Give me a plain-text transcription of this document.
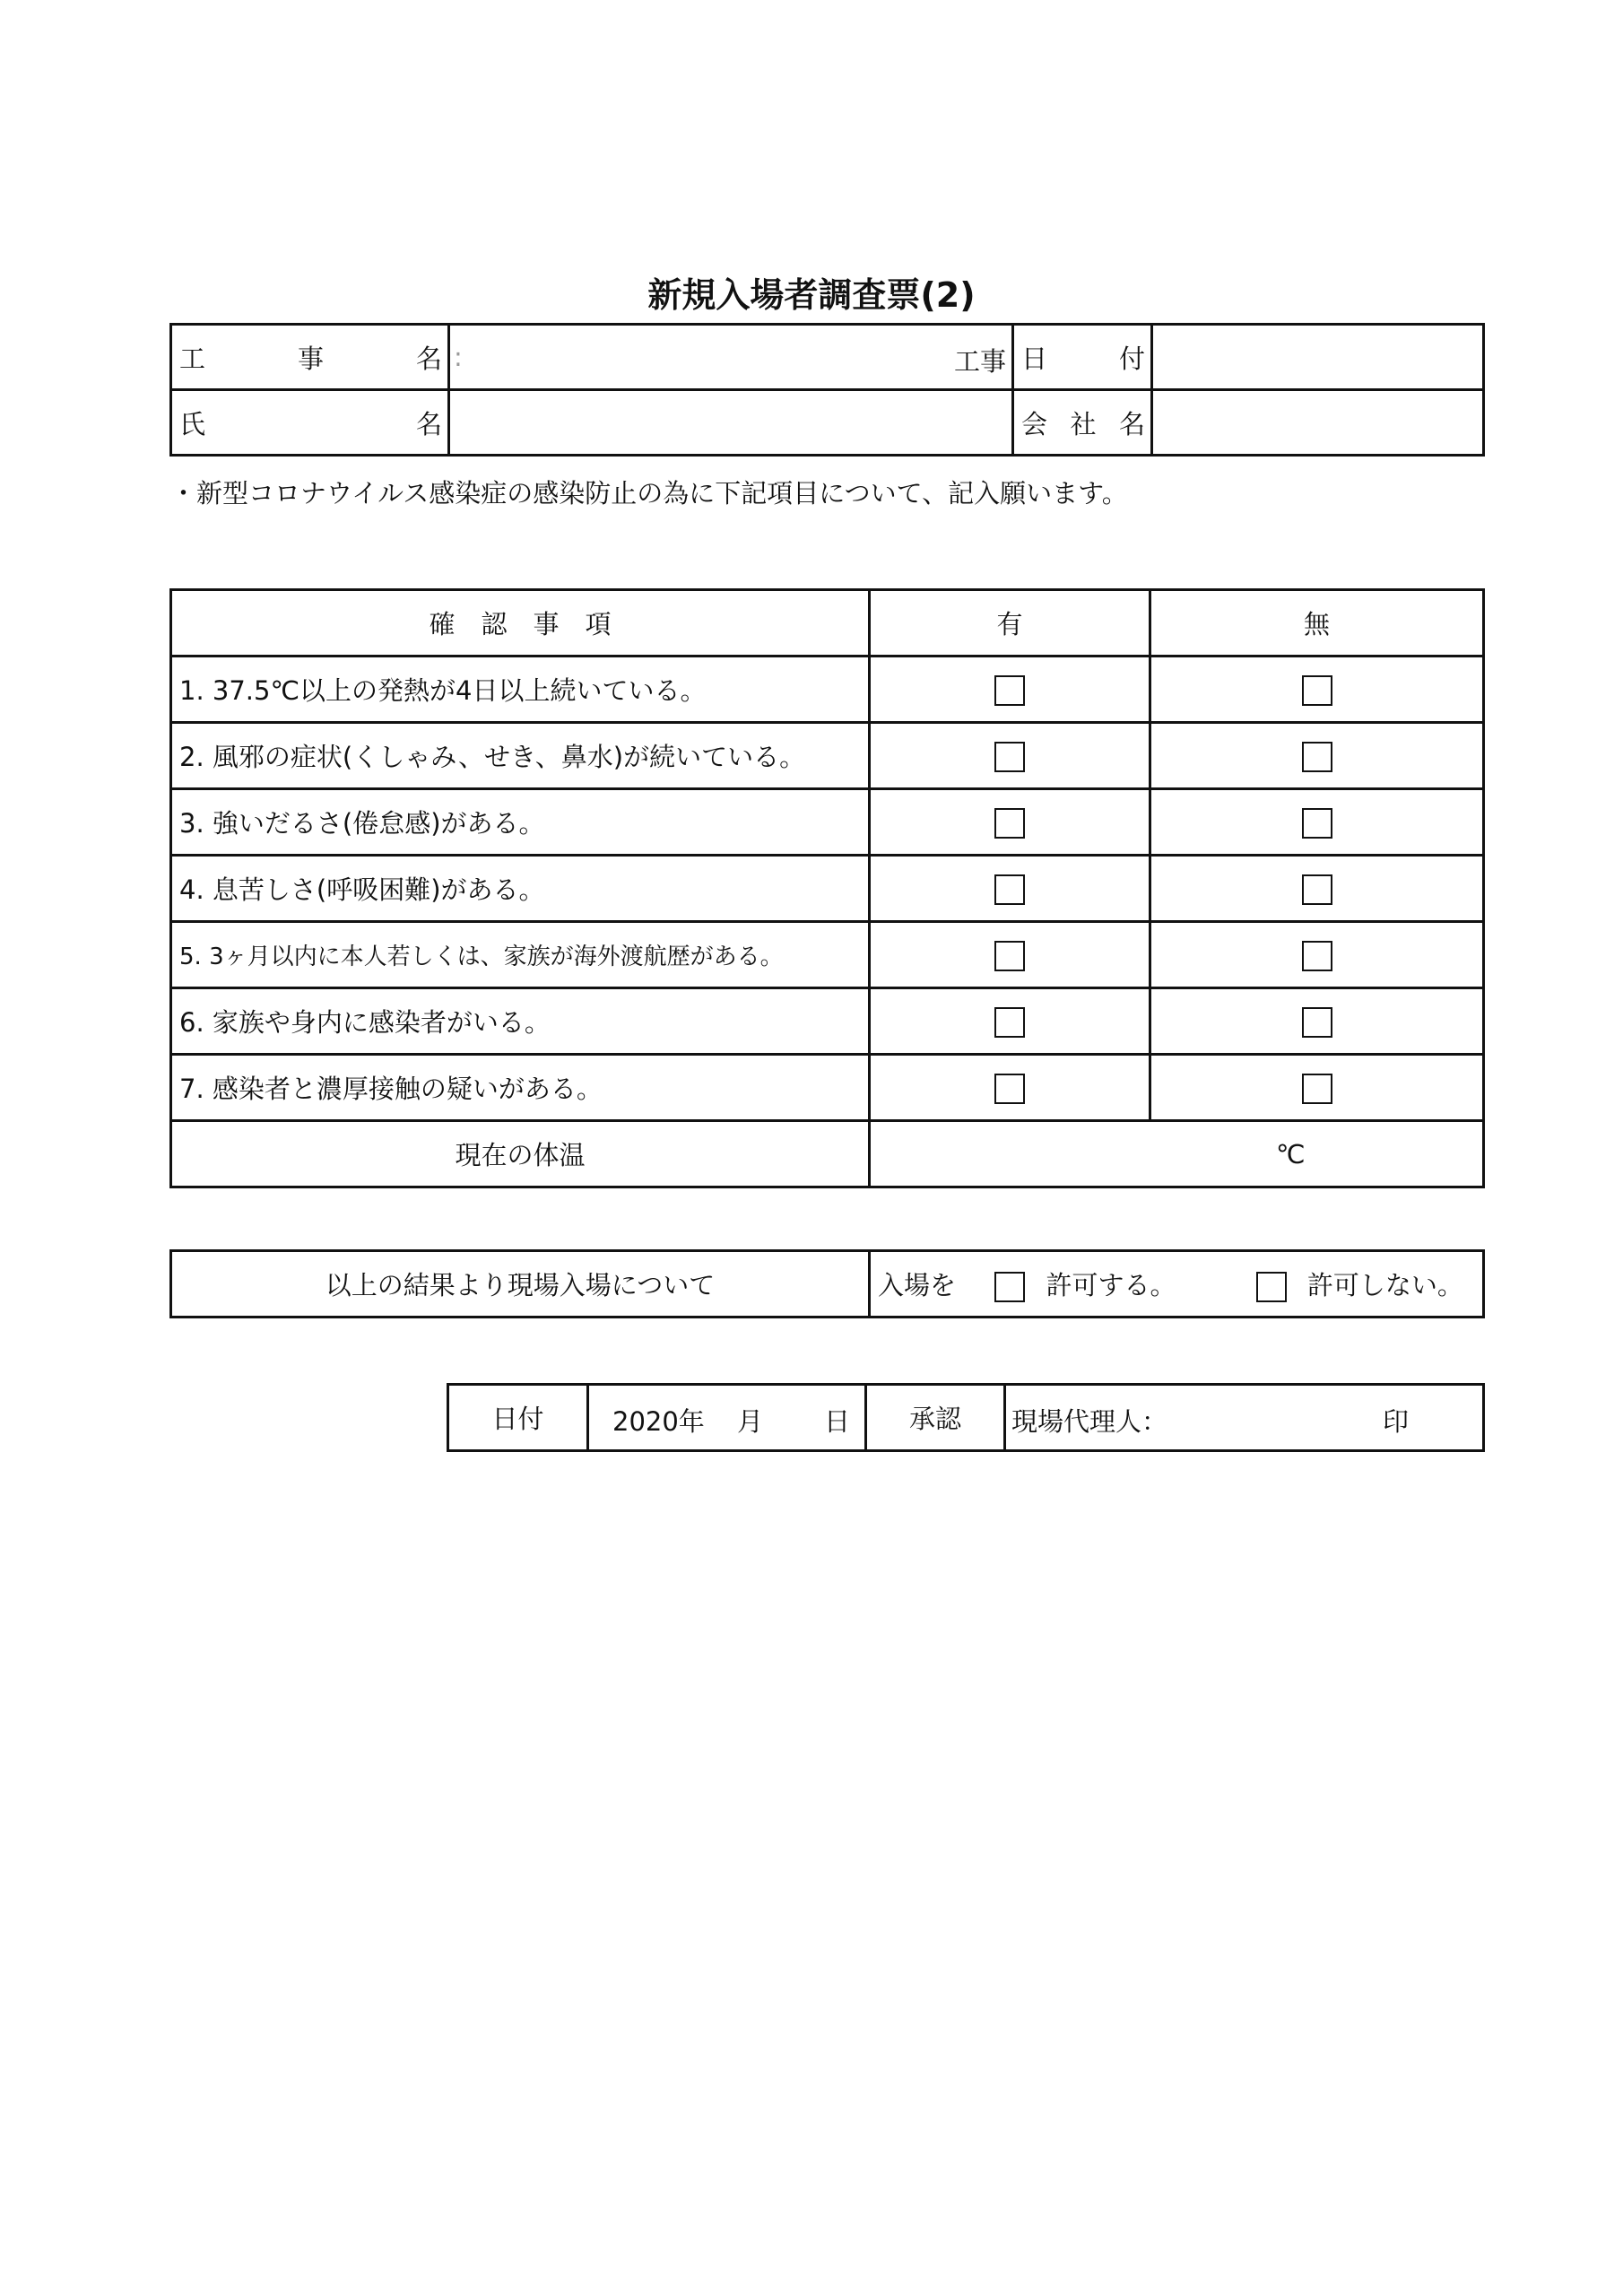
新規入場者調査票(2)
工 事 名	: 工事	日 付	

氏 名		会 社 名	

・新型コロナウイルス感染症の感染防止の為に下記項目について、記入願います。
確　認　事　項	有	無
1. 37.5℃以上の発熱が4日以上続いている。		
2. 風邪の症状(くしゃみ、せき、鼻水)が続いている。		
3. 強いだるさ(倦怠感)がある。		
4. 息苦しさ(呼吸困難)がある。		
5. 3ヶ月以内に本人若しくは、家族が海外渡航歴がある。		
6. 家族や身内に感染者がいる。		
7. 感染者と濃厚接触の疑いがある。		
現在の体温	℃	
以上の結果より現場入場について	入場を	許可する。	許可しない。
日付	2020年 月 日	承認	現場代理人：	印
